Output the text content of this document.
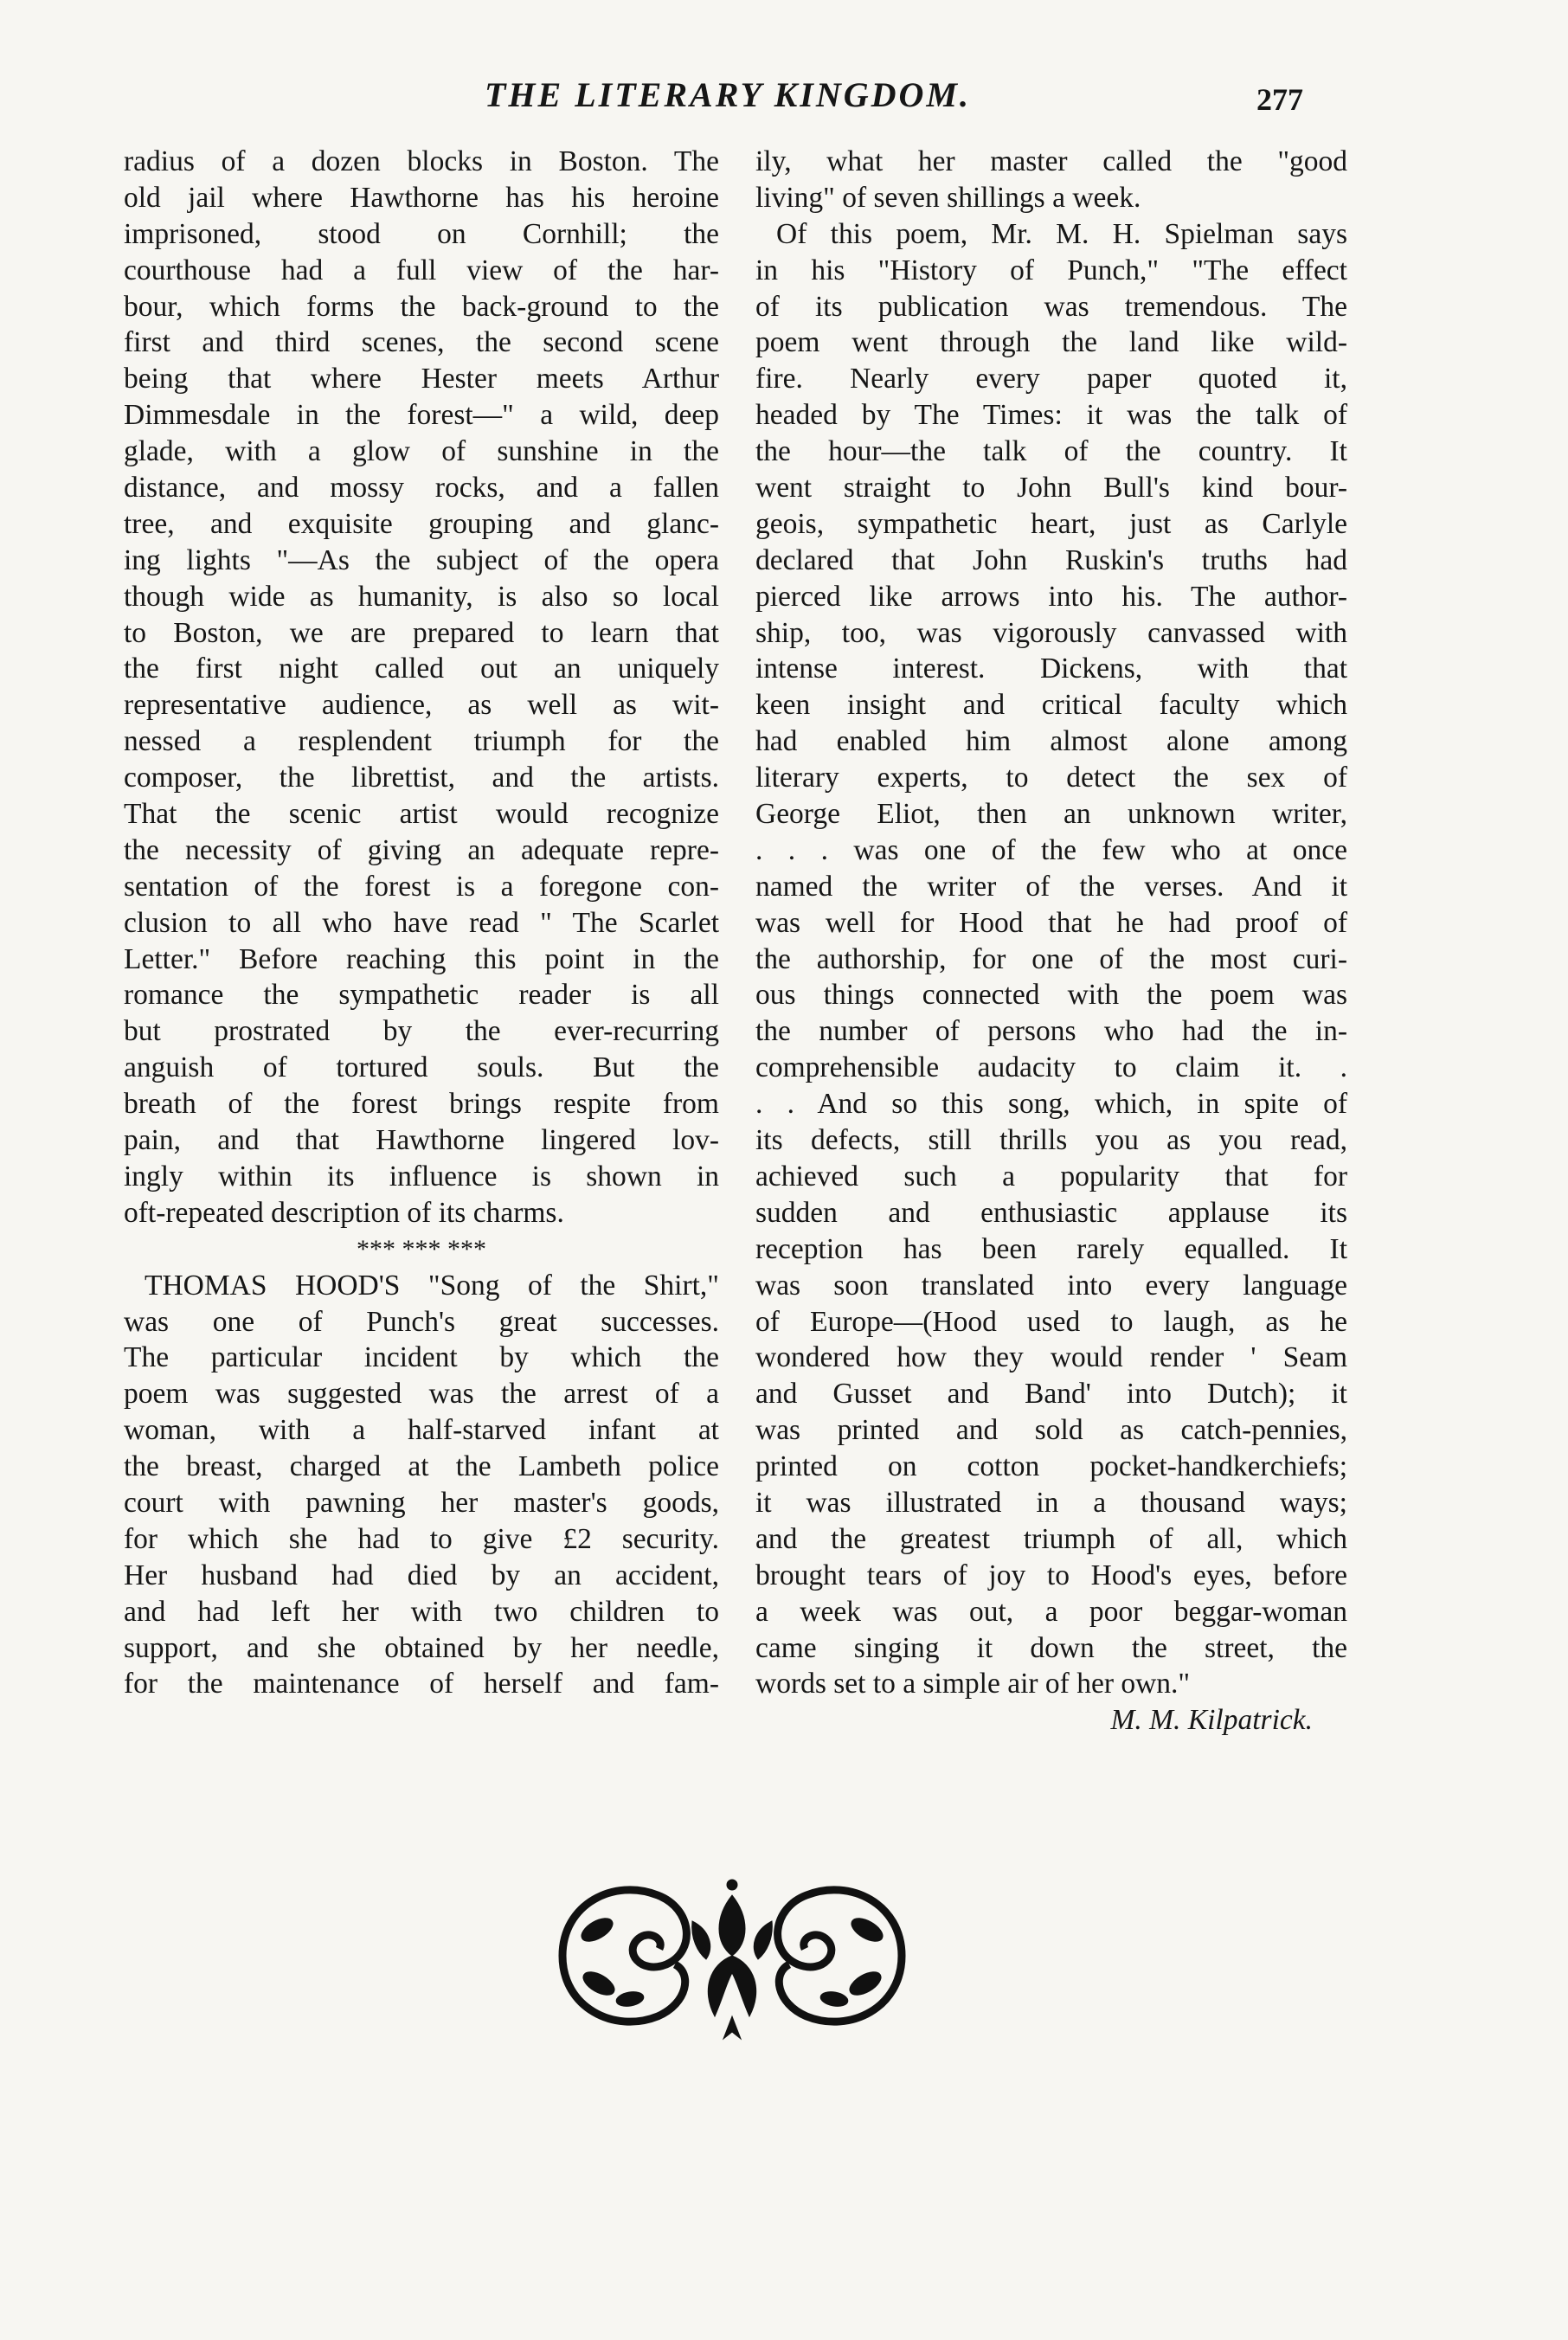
THE LITERARY KINGDOM.	277
radius of a dozen blocks in Boston. The
old jail where Hawthorne has his heroine
imprisoned, stood on Cornhill; the
courthouse had a full view of the har-
bour, which forms the back-ground to the
first and third scenes, the second scene
being that where Hester meets Arthur
Dimmesdale in the forest—" a wild, deep
glade, with a glow of sunshine in the
distance, and mossy rocks, and a fallen
tree, and exquisite grouping and glanc-
ing lights "—As the subject of the opera
though wide as humanity, is also so local
to Boston, we are prepared to learn that
the first night called out an uniquely
representative audience, as well as wit-
nessed a resplendent triumph for the
composer, the librettist, and the artists.
That the scenic artist would recognize
the necessity of giving an adequate repre-
sentation of the forest is a foregone con-
clusion to all who have read " The Scarlet
Letter." Before reaching this point in the
romance the sympathetic reader is all
but prostrated by the ever-recurring
anguish of tortured souls. But the
breath of the forest brings respite from
pain, and that Hawthorne lingered lov-
ingly within its influence is shown in
oft-repeated description of its charms.
*** *** ***
THOMAS HOOD'S "Song of the Shirt,"
was one of Punch's great successes.
The particular incident by which the
poem was suggested was the arrest of a
woman, with a half-starved infant at
the breast, charged at the Lambeth police
court with pawning her master's goods,
for which she had to give £2 security.
Her husband had died by an accident,
and had left her with two children to
support, and she obtained by her needle,
for the maintenance of herself and fam-
ily, what her master called the "good
living" of seven shillings a week.
Of this poem, Mr. M. H. Spielman says
in his "History of Punch," "The effect
of its publication was tremendous. The
poem went through the land like wild-
fire. Nearly every paper quoted it,
headed by The Times: it was the talk of
the hour—the talk of the country. It
went straight to John Bull's kind bour-
geois, sympathetic heart, just as Carlyle
declared that John Ruskin's truths had
pierced like arrows into his. The author-
ship, too, was vigorously canvassed with
intense interest. Dickens, with that
keen insight and critical faculty which
had enabled him almost alone among
literary experts, to detect the sex of
George Eliot, then an unknown writer,
. . . was one of the few who at once
named the writer of the verses. And it
was well for Hood that he had proof of
the authorship, for one of the most curi-
ous things connected with the poem was
the number of persons who had the in-
comprehensible audacity to claim it. .
. . And so this song, which, in spite of
its defects, still thrills you as you read,
achieved such a popularity that for
sudden and enthusiastic applause its
reception has been rarely equalled. It
was soon translated into every language
of Europe—(Hood used to laugh, as he
wondered how they would render ' Seam
and Gusset and Band' into Dutch); it
was printed and sold as catch-pennies,
printed on cotton pocket-handkerchiefs;
it was illustrated in a thousand ways;
and the greatest triumph of all, which
brought tears of joy to Hood's eyes, before
a week was out, a poor beggar-woman
came singing it down the street, the
words set to a simple air of her own."
M. M. Kilpatrick.
